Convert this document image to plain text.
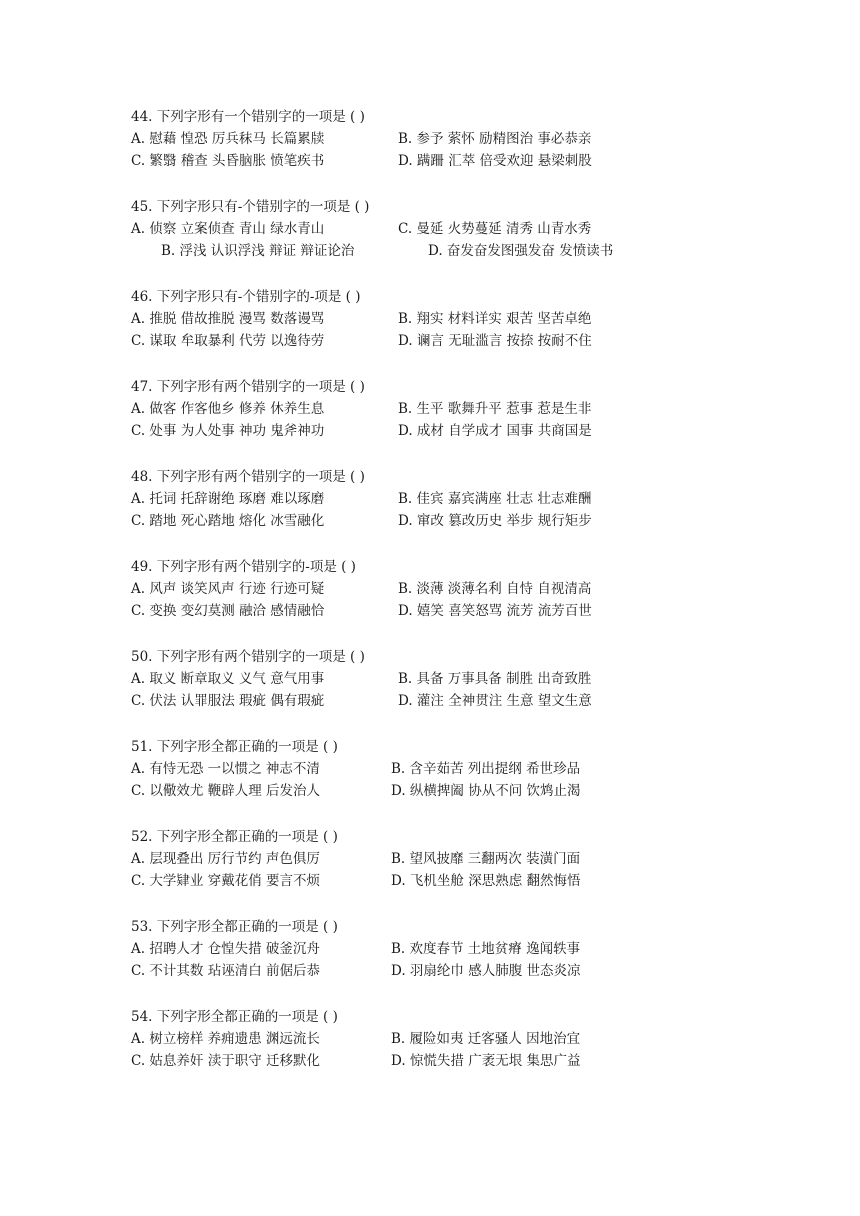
44. 下列字形有一个错别字的一项是 ( )
A. 慰藉 惶恐 厉兵秣马 长篇累牍	B. 参予 萦怀 励精图治 事必恭亲
C. 繁翳 稽查 头昏脑胀 愤笔疾书	D. 蹒跚 汇萃 倍受欢迎 悬梁刺股
45. 下列字形只有-个错别字的一项是 ( )
A. 侦察 立案侦查 青山 绿水青山	C. 曼延 火势蔓延 清秀 山青水秀
B. 浮浅 认识浮浅 辩证 辩证论治	D. 奋发奋发图强发奋 发愤读书
46. 下列字形只有-个错别字的-项是 ( )
A. 推脱 借故推脱 漫骂 数落谩骂	B. 翔实 材料详实 艰苦 坚苦卓绝
C. 谋取 牟取暴利 代劳 以逸待劳	D. 谰言 无耻滥言 按捺 按耐不住
47. 下列字形有两个错别字的一项是 ( )
A. 做客 作客他乡 修养 休养生息	B. 生平 歌舞升平 惹事 惹是生非
C. 处事 为人处事 神功 鬼斧神功	D. 成材 自学成才 国事 共商国是
48. 下列字形有两个错别字的一项是 ( )
A. 托词 托辞谢绝 琢磨 难以琢磨	B. 佳宾 嘉宾满座 壮志 壮志难酬
C. 踏地 死心踏地 熔化 冰雪融化	D. 窜改 篡改历史 举步 规行矩步
49. 下列字形有两个错别字的-项是 ( )
A. 风声 谈笑风声 行迹 行迹可疑	B. 淡薄 淡薄名利 自恃 自视清高
C. 变换 变幻莫测 融洽 感情融恰	D. 嬉笑 喜笑怒骂 流芳 流芳百世
50. 下列字形有两个错别字的一项是 ( )
A. 取义 断章取义 义气 意气用事	B. 具备 万事具备 制胜 出奇致胜
C. 伏法 认罪服法 瑕疵 偶有瑕疵	D. 灌注 全神贯注 生意 望文生意
51. 下列字形全都正确的一项是 ( )
A. 有恃无恐 一以惯之 神志不清	B. 含辛茹苦 列出提纲 希世珍品
C. 以儆效尤 鞭辟人理 后发治人	D. 纵横捭阖 协从不问 饮鸩止渴
52. 下列字形全都正确的一项是 ( )
A. 层现叠出 厉行节约 声色俱厉	B. 望风披靡 三翻两次 装潢门面
C. 大学肄业 穿戴花俏 要言不烦	D. 飞机坐舱 深思熟虑 翻然悔悟
53. 下列字形全都正确的一项是 ( )
A. 招聘人才 仓惶失措 破釜沉舟	B. 欢度春节 土地贫瘠 逸闻轶事
C. 不计其数 玷诬清白 前倨后恭	D. 羽扇纶巾 感人肺腹 世态炎凉
54. 下列字形全都正确的一项是 ( )
A. 树立榜样 养痈遗患 渊远流长	B. 履险如夷 迁客骚人 因地治宜
C. 姑息养奸 渎于职守 迁移默化	D. 惊慌失措 广袤无垠 集思广益
